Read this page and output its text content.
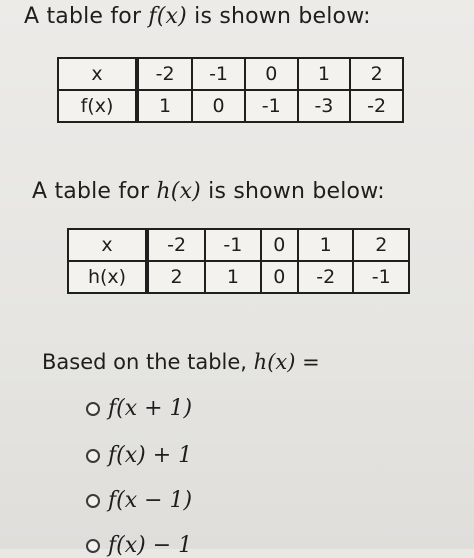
A table for f(x) is shown below:
x	-2	-1	0	1	2
f(x)	1	0	-1	-3	-2
A table for h(x) is shown below:
x	-2	-1	0	1	2
h(x)	2	1	0	-2	-1
Based on the table, h(x) =
f(x + 1)
f(x) + 1
f(x − 1)
f(x) − 1
